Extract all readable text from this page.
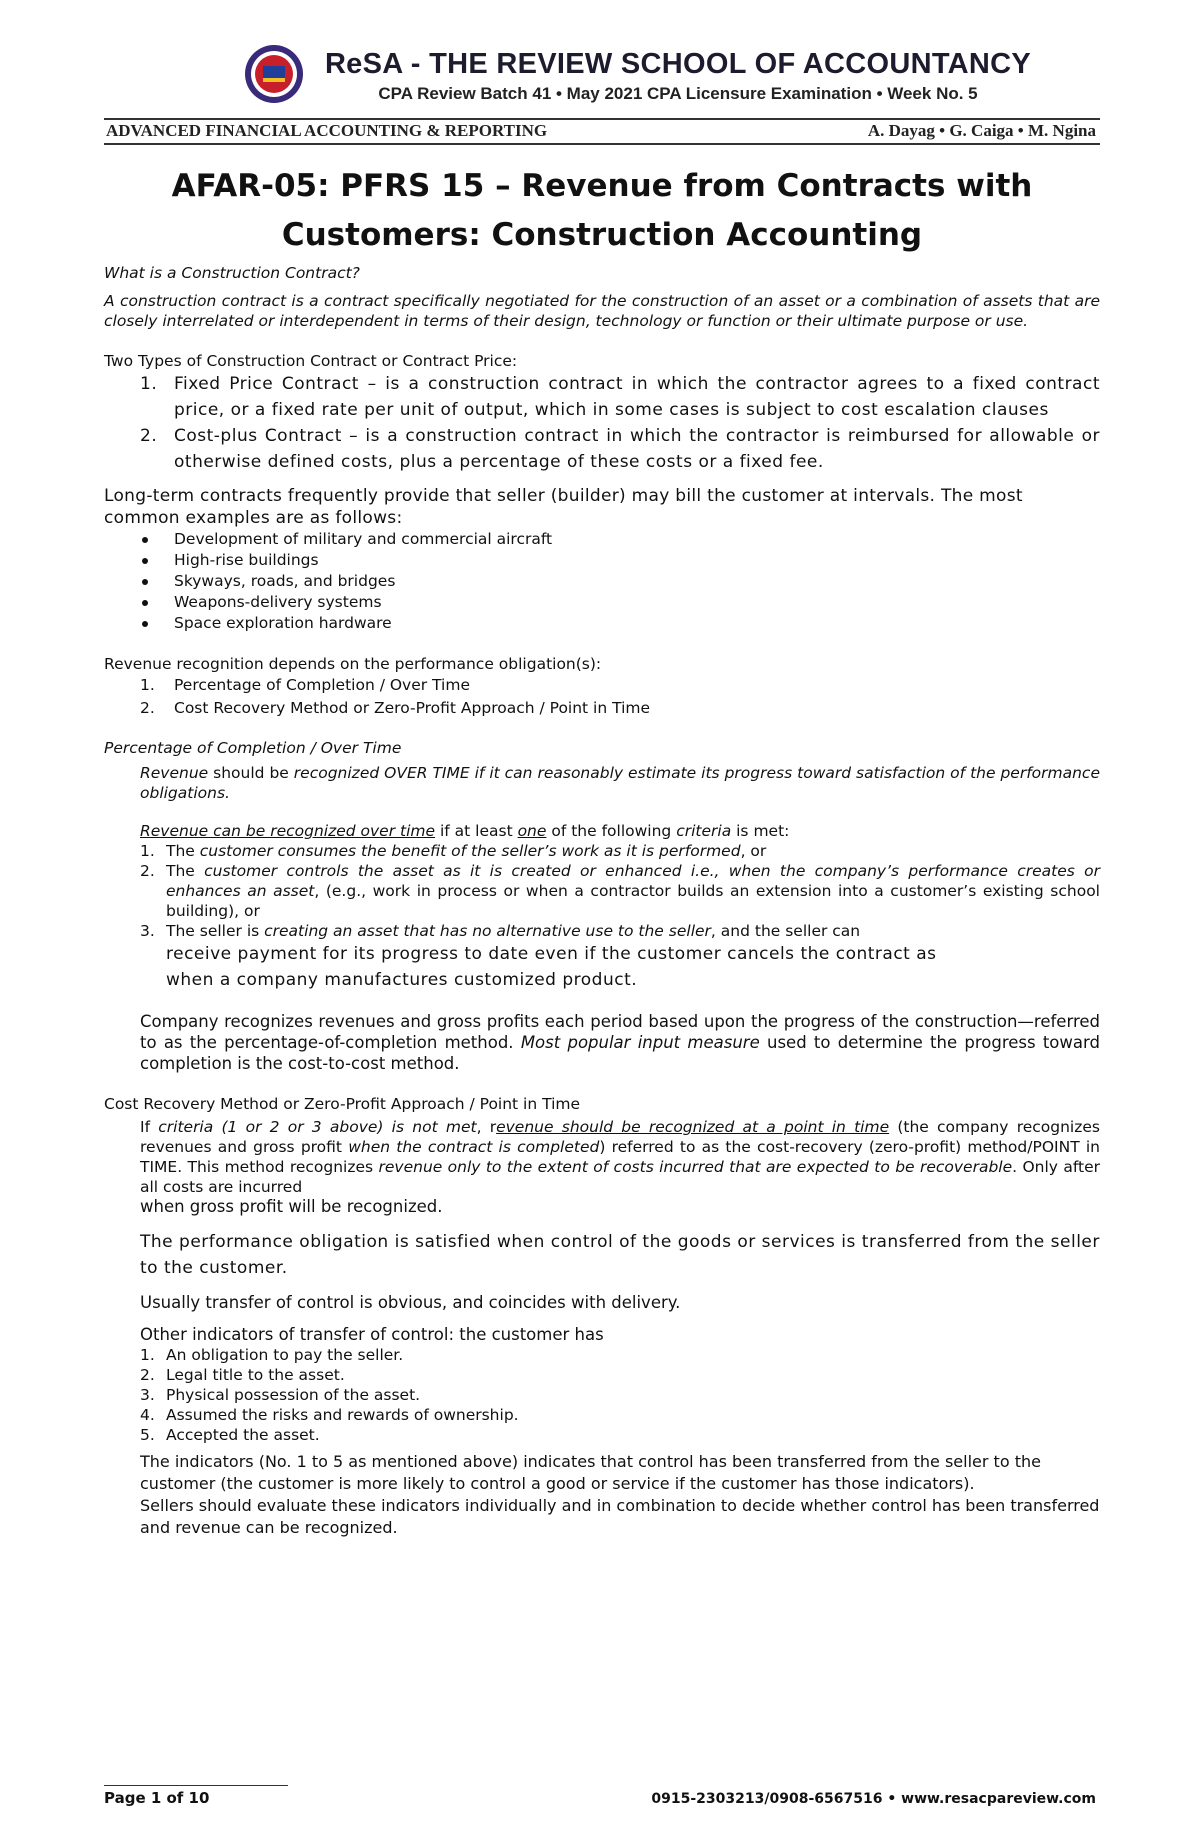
ReSA - THE REVIEW SCHOOL OF ACCOUNTANCY
CPA Review Batch 41 • May 2021 CPA Licensure Examination • Week No. 5
ADVANCED FINANCIAL ACCOUNTING & REPORTING	A. Dayag • G. Caiga • M. Ngina
AFAR-05: PFRS 15 – Revenue from Contracts with
Customers: Construction Accounting

What is a Construction Contract?

A construction contract is a contract specifically negotiated for the construction of an asset or a combination of assets that are closely interrelated or interdependent in terms of their design, technology or function or their ultimate purpose or use.

Two Types of Construction Contract or Contract Price:

1. Fixed Price Contract – is a construction contract in which the contractor agrees to a fixed contract price, or a fixed rate per unit of output, which in some cases is subject to cost escalation clauses
2. Cost-plus Contract – is a construction contract in which the contractor is reimbursed for allowable or otherwise defined costs, plus a percentage of these costs or a fixed fee.

Long-term contracts frequently provide that seller (builder) may bill the customer at intervals. The most common examples are as follows:

Development of military and commercial aircraft
High-rise buildings
Skyways, roads, and bridges
Weapons-delivery systems
Space exploration hardware

Revenue recognition depends on the performance obligation(s):

1. Percentage of Completion / Over Time
2. Cost Recovery Method or Zero-Profit Approach / Point in Time

Percentage of Completion / Over Time

Revenue should be recognized OVER TIME if it can reasonably estimate its progress toward satisfaction of the performance obligations.

Revenue can be recognized over time if at least one of the following criteria is met:

1. The customer consumes the benefit of the seller’s work as it is performed, or
2. The customer controls the asset as it is created or enhanced i.e., when the company’s performance creates or enhances an asset, (e.g., work in process or when a contractor builds an extension into a customer’s existing school building), or
3. The seller is creating an asset that has no alternative use to the seller, and the seller can

receive payment for its progress to date even if the customer cancels the contract as when a company manufactures customized product.

Company recognizes revenues and gross profits each period based upon the progress of the construction—referred to as the percentage-of-completion method. Most popular input measure used to determine the progress toward completion is the cost-to-cost method.

Cost Recovery Method or Zero-Profit Approach / Point in Time

If criteria (1 or 2 or 3 above) is not met, revenue should be recognized at a point in time (the company recognizes revenues and gross profit when the contract is completed) referred to as the cost-recovery (zero-profit) method/POINT in TIME. This method recognizes revenue only to the extent of costs incurred that are expected to be recoverable. Only after all costs are incurred

when gross profit will be recognized.

The performance obligation is satisfied when control of the goods or services is transferred from the seller to the customer.

Usually transfer of control is obvious, and coincides with delivery.

Other indicators of transfer of control: the customer has

1. An obligation to pay the seller.
2. Legal title to the asset.
3. Physical possession of the asset.
4. Assumed the risks and rewards of ownership.
5. Accepted the asset.

The indicators (No. 1 to 5 as mentioned above) indicates that control has been transferred from the seller to the customer (the customer is more likely to control a good or service if the customer has those indicators).

Sellers should evaluate these indicators individually and in combination to decide whether control has been transferred and revenue can be recognized.

Page 1 of 10	0915-2303213/0908-6567516 • www.resacpareview.com
